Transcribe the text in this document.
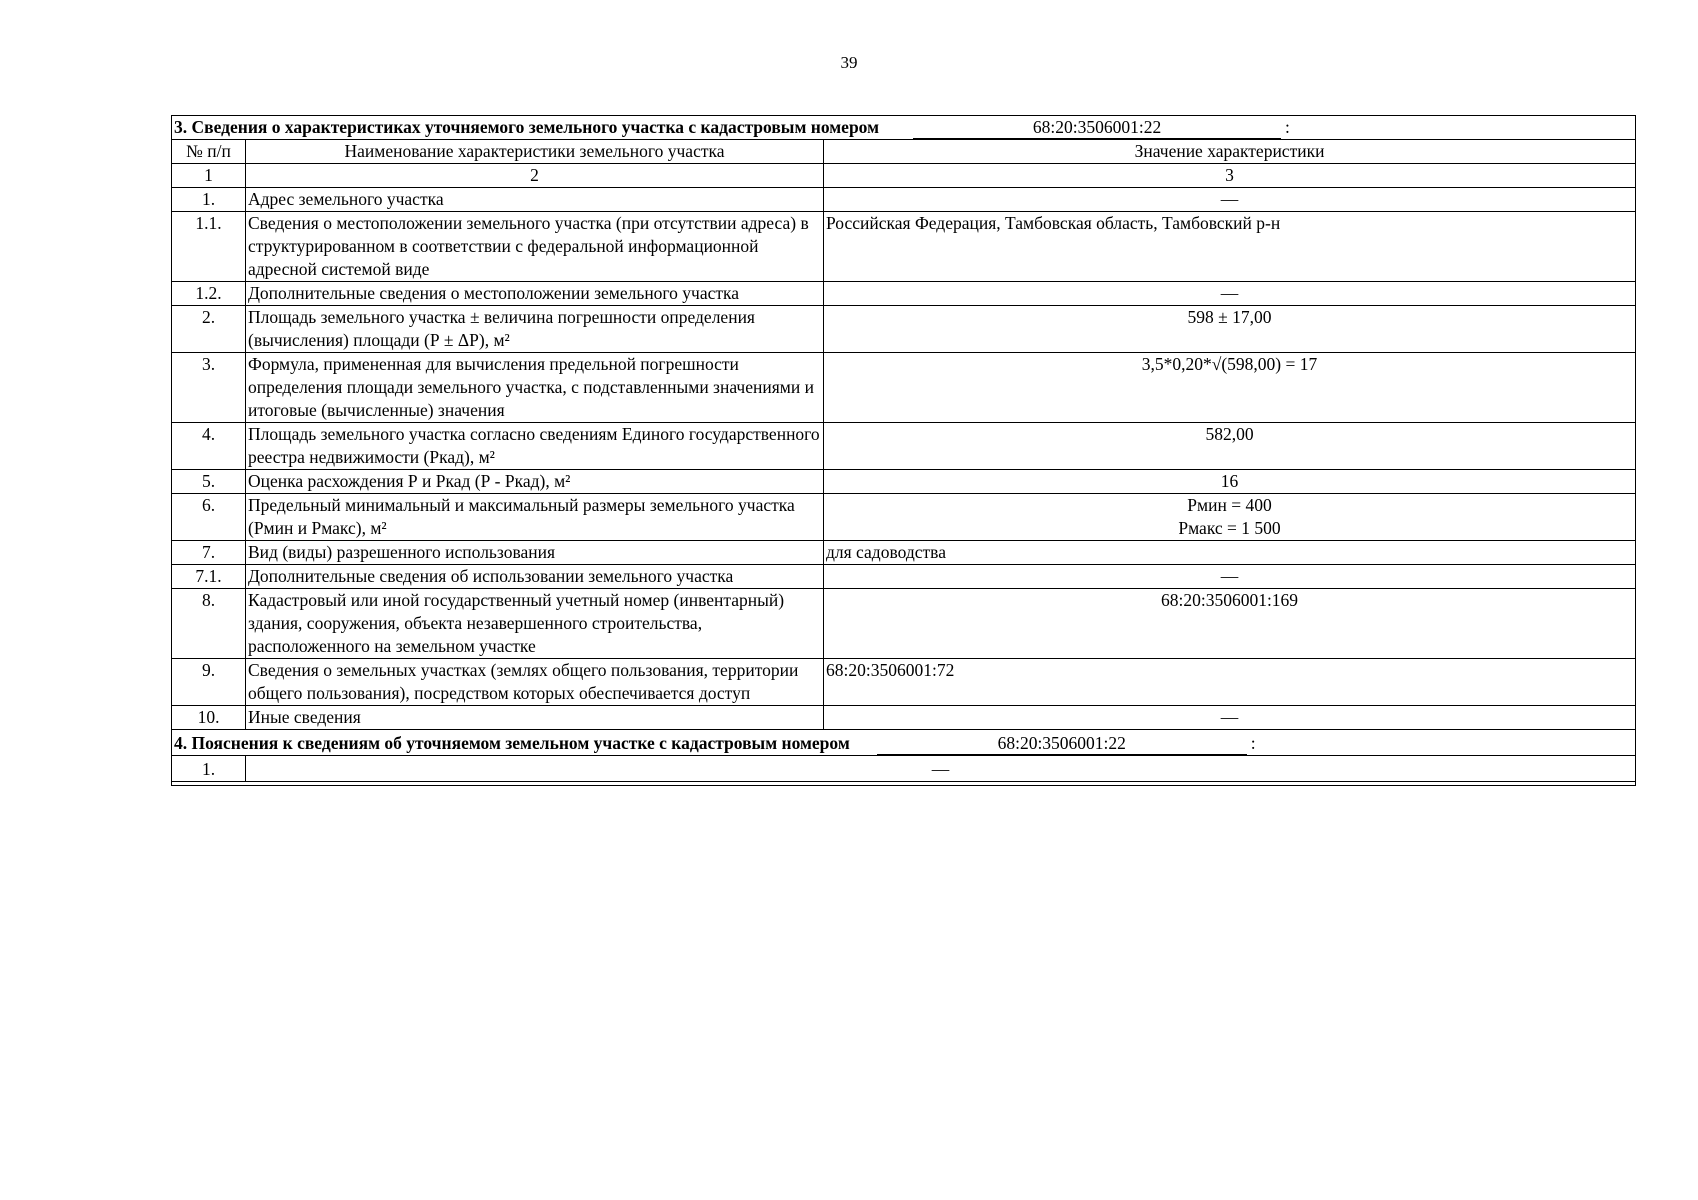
39
3. Сведения о характеристиках уточняемого земельного участка с кадастровым номером 68:20:3506001:22 :		

№ п/п	Наименование характеристики земельного участка	Значение характеристики
1	2	3
1.	Адрес земельного участка	—
1.1.	Сведения о местоположении земельного участка (при отсутствии адреса) в структурированном в соответствии с федеральной информационной адресной системой виде	Российская Федерация, Тамбовская область, Тамбовский р-н
1.2.	Дополнительные сведения о местоположении земельного участка	—
2.	Площадь земельного участка ± величина погрешности определения (вычисления) площади (Р ± ΔР), м²	598 ± 17,00
3.	Формула, примененная для вычисления предельной погрешности определения площади земельного участка, с подставленными значениями и итоговые (вычисленные) значения	3,5*0,20*√(598,00) = 17
4.	Площадь земельного участка согласно сведениям Единого государственного реестра недвижимости (Ркад), м²	582,00
5.	Оценка расхождения Р и Ркад (Р - Ркад), м²	16
6.	Предельный минимальный и максимальный размеры земельного участка (Рмин и Рмакс), м²	Рмин = 400
Рмакс = 1 500

7.	Вид (виды) разрешенного использования	для садоводства
7.1.	Дополнительные сведения об использовании земельного участка	—
8.	Кадастровый или иной государственный учетный номер (инвентарный) здания, сооружения, объекта незавершенного строительства, расположенного на земельном участке	68:20:3506001:169
9.	Сведения о земельных участках (землях общего пользования, территории общего пользования), посредством которых обеспечивается доступ	68:20:3506001:72
10.	Иные сведения	—

4. Пояснения к сведениям об уточняемом земельном участке с кадастровым номером 68:20:3506001:22 :		

1.	—	
